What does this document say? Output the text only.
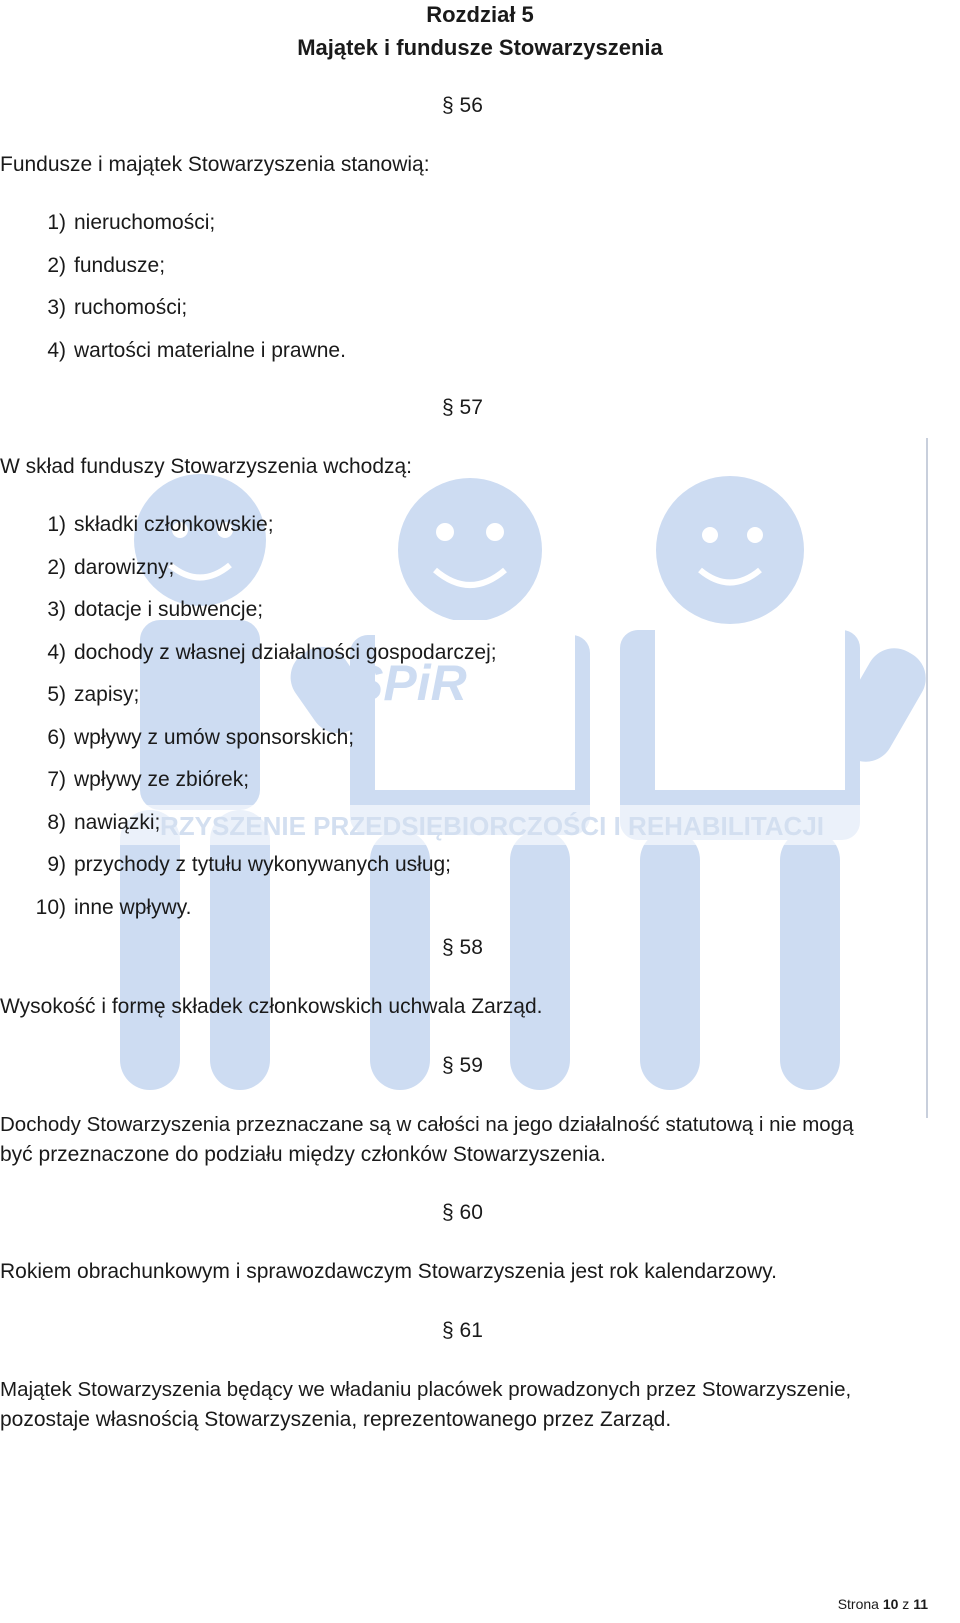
SPiR
RZYSZENIE PRZEDSIĘBIORCZOŚCI I REHABILITACJI
Rozdział 5
Majątek i fundusze Stowarzyszenia
§ 56
Fundusze i majątek Stowarzyszenia stanowią:
1) nieruchomości;
2) fundusze;
3) ruchomości;
4) wartości materialne i prawne.
§ 57
W skład funduszy Stowarzyszenia wchodzą:
1) składki członkowskie;
2) darowizny;
3) dotacje i subwencje;
4) dochody z własnej działalności gospodarczej;
5) zapisy;
6) wpływy z umów sponsorskich;
7) wpływy ze zbiórek;
8) nawiązki;
9) przychody z tytułu wykonywanych usług;
10) inne wpływy.
§ 58
Wysokość i formę składek członkowskich uchwala Zarząd.
§ 59
Dochody Stowarzyszenia przeznaczane są w całości na jego działalność statutową i nie mogą
być przeznaczone do podziału między członków Stowarzyszenia.
§ 60
Rokiem obrachunkowym i sprawozdawczym Stowarzyszenia jest rok kalendarzowy.
§ 61
Majątek Stowarzyszenia będący we władaniu placówek prowadzonych przez Stowarzyszenie,
pozostaje własnością Stowarzyszenia, reprezentowanego przez Zarząd.
Strona 10 z 11
